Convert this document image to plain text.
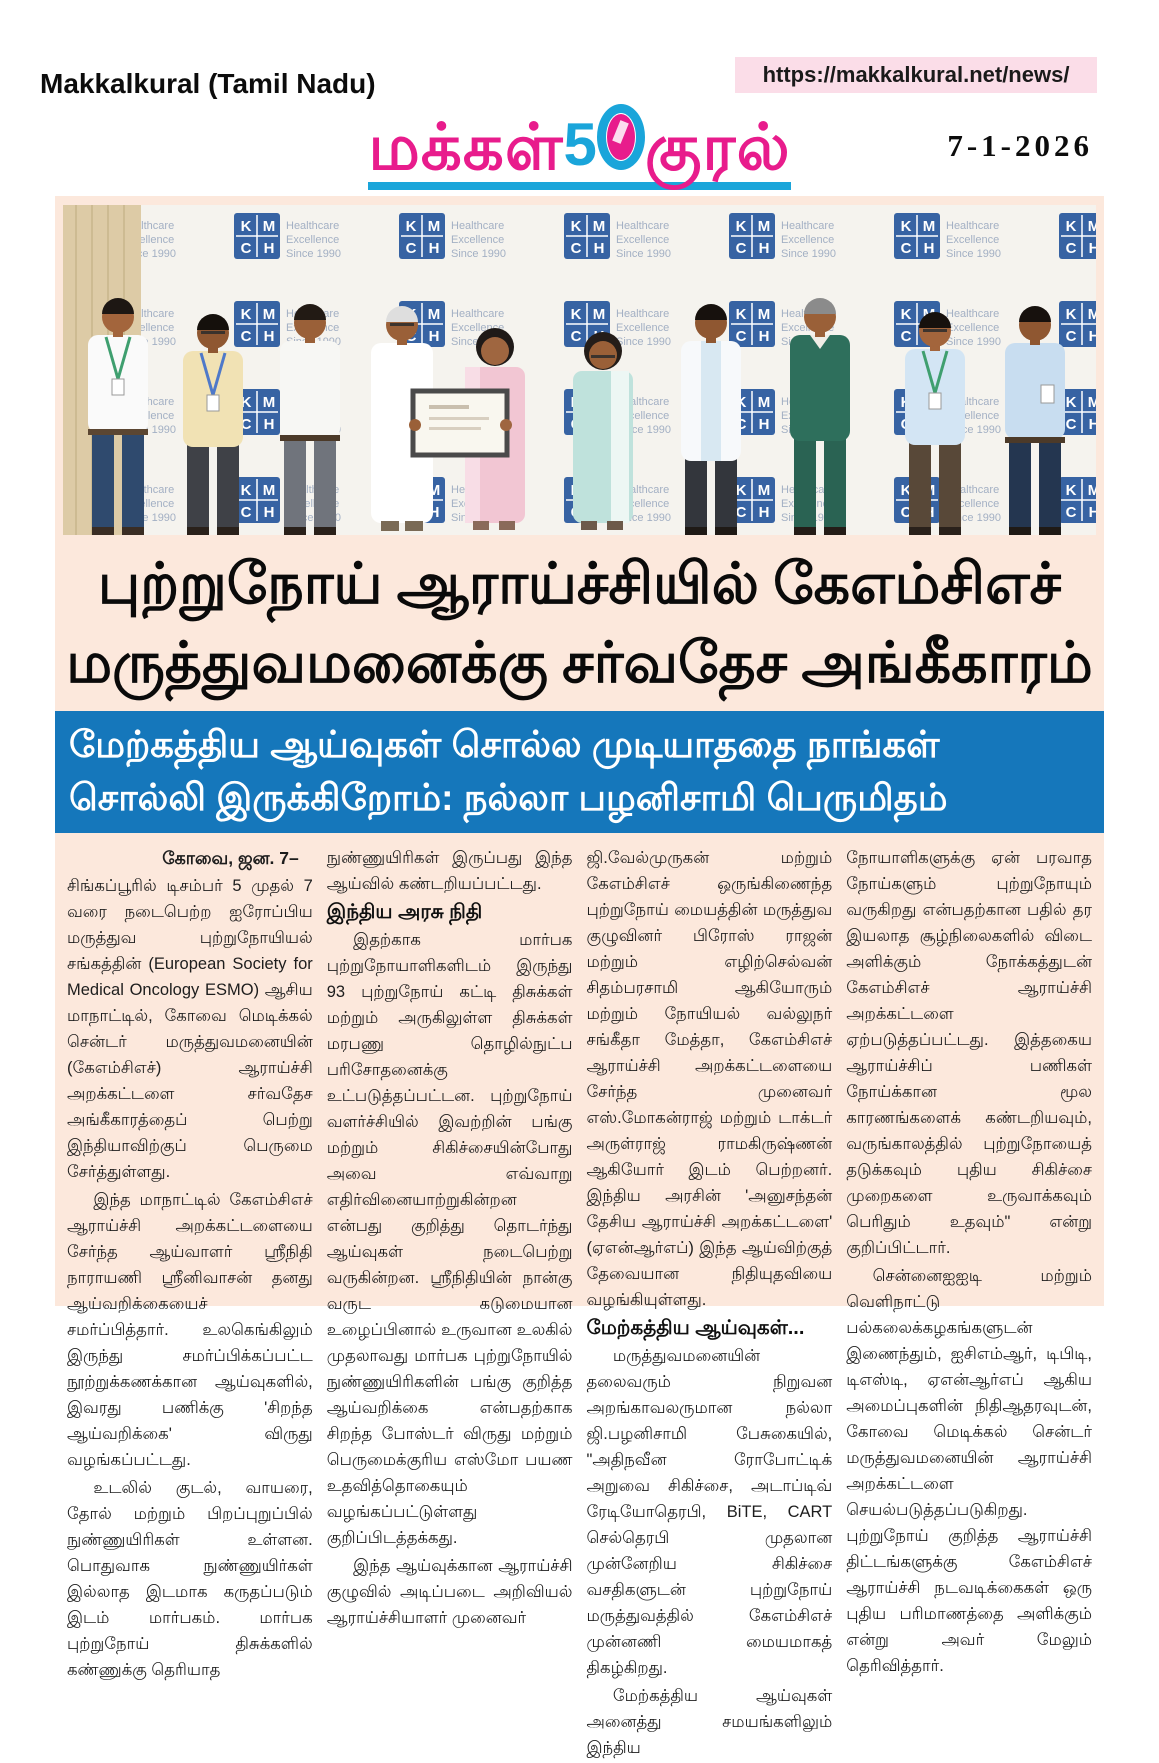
Makkalkural (Tamil Nadu)	https://makkalkural.net/news/
7-1-2026
மக்கள்5 குரல்
புற்றுநோய் ஆராய்ச்சியில் கேஎம்சிஎச்
மருத்துவமனைக்கு சர்வதேச அங்கீகாரம்
மேற்கத்திய ஆய்வுகள் சொல்ல முடியாததை நாங்கள்
சொல்லி இருக்கிறோம்: நல்லா பழனிசாமி பெருமிதம்

கோவை, ஜன. 7–

சிங்கப்பூரில் டிசம்பர் 5 முதல் 7 வரை நடைபெற்ற ஐரோப்பிய மருத்துவ புற்றுநோயியல் சங்கத்தின் (European Society for Medical Oncology ESMO) ஆசிய மாநாட்டில், கோவை மெடிக்கல் சென்டர் மருத்துவமனையின் (கேஎம்சிஎச்) ஆராய்ச்சி அறக்கட்டளை சர்வதேச அங்கீகாரத்தைப் பெற்று இந்தியாவிற்குப் பெருமை சேர்த்துள்ளது.

இந்த மாநாட்டில் கேஎம்சிஎச் ஆராய்ச்சி அறக்கட்டளையை சேர்ந்த ஆய்வாளர் ஸ்ரீநிதி நாராயணி ஸ்ரீனிவாசன் தனது ஆய்வறிக்கையைச் சமர்ப்பித்தார். உலகெங்கிலும் இருந்து சமர்ப்பிக்கப்பட்ட நூற்றுக்கணக்கான ஆய்வுகளில், இவரது பணிக்கு 'சிறந்த ஆய்வறிக்கை' விருது வழங்கப்பட்டது.

உடலில் குடல், வாயரை, தோல் மற்றும் பிறப்புறுப்பில் நுண்ணுயிரிகள் உள்ளன. பொதுவாக நுண்ணுயிர்கள் இல்லாத இடமாக கருதப்படும் இடம் மார்பகம். மார்பக புற்றுநோய் திசுக்களில் கண்ணுக்கு தெரியாத

நுண்ணுயிரிகள் இருப்பது இந்த ஆய்வில் கண்டறியப்பட்டது.

இந்திய அரசு நிதி

இதற்காக மார்பக புற்றுநோயாளிகளிடம் இருந்து 93 புற்றுநோய் கட்டி திசுக்கள் மற்றும் அருகிலுள்ள திசுக்கள் மரபணு தொழில்நுட்ப பரிசோதனைக்கு உட்படுத்தப்பட்டன. புற்றுநோய் வளர்ச்சியில் இவற்றின் பங்கு மற்றும் சிகிச்சையின்போது அவை எவ்வாறு எதிர்வினையாற்றுகின்றன என்பது குறித்து தொடர்ந்து ஆய்வுகள் நடைபெற்று வருகின்றன. ஸ்ரீநிதியின் நான்கு வருட கடுமையான உழைப்பினால் உருவான உலகில் முதலாவது மார்பக புற்றுநோயில் நுண்ணுயிரிகளின் பங்கு குறித்த ஆய்வறிக்கை என்பதற்காக சிறந்த போஸ்டர் விருது மற்றும் பெருமைக்குரிய எஸ்மோ பயண உதவித்தொகையும் வழங்கப்பட்டுள்ளது குறிப்பிடத்தக்கது.

இந்த ஆய்வுக்கான ஆராய்ச்சி குழுவில் அடிப்படை அறிவியல் ஆராய்ச்சியாளர் முனைவர்

ஜி.வேல்முருகன் மற்றும் கேஎம்சிஎச் ஒருங்கிணைந்த புற்றுநோய் மையத்தின் மருத்துவ குழுவினர் பிரோஸ் ராஜன் மற்றும் எழிற்செல்வன் சிதம்பரசாமி ஆகியோரும் மற்றும் நோயியல் வல்லுநர் சங்கீதா மேத்தா, கேஎம்சிஎச் ஆராய்ச்சி அறக்கட்டளையை சேர்ந்த முனைவர் எஸ்.மோகன்ராஜ் மற்றும் டாக்டர் அருள்ராஜ் ராமகிருஷ்ணன் ஆகியோர் இடம் பெற்றனர். இந்திய அரசின் 'அனுசந்தன் தேசிய ஆராய்ச்சி அறக்கட்டளை' (ஏஎன்ஆர்எப்) இந்த ஆய்விற்குத் தேவையான நிதியுதவியை வழங்கியுள்ளது.

மேற்கத்திய ஆய்வுகள்...

மருத்துவமனையின் தலைவரும் நிறுவன அறங்காவலருமான நல்லா ஜி.பழனிசாமி பேசுகையில், "அதிநவீன ரோபோட்டிக் அறுவை சிகிச்சை, அடாப்டிவ் ரேடியோதெரபி, BiTE, CART செல்தெரபி முதலான முன்னேறிய சிகிச்சை வசதிகளுடன் புற்றுநோய் மருத்துவத்தில் கேஎம்சிஎச் முன்னணி மையமாகத் திகழ்கிறது.

மேற்கத்திய ஆய்வுகள் அனைத்து சமயங்களிலும் இந்திய

நோயாளிகளுக்கு ஏன் பரவாத நோய்களும் புற்றுநோயும் வருகிறது என்பதற்கான பதில் தர இயலாத சூழ்நிலைகளில் விடை அளிக்கும் நோக்கத்துடன் கேஎம்சிஎச் ஆராய்ச்சி அறக்கட்டளை ஏற்படுத்தப்பட்டது. இத்தகைய ஆராய்ச்சிப் பணிகள் நோய்க்கான மூல காரணங்களைக் கண்டறியவும், வருங்காலத்தில் புற்றுநோயைத் தடுக்கவும் புதிய சிகிச்சை முறைகளை உருவாக்கவும் பெரிதும் உதவும்" என்று குறிப்பிட்டார்.

சென்னைஐஐடி மற்றும் வெளிநாட்டு பல்கலைக்கழகங்களுடன் இணைந்தும், ஐசிஎம்ஆர், டிபிடி, டிஎஸ்டி, ஏஎன்ஆர்எப் ஆகிய அமைப்புகளின் நிதிஆதரவுடன், கோவை மெடிக்கல் சென்டர் மருத்துவமனையின் ஆராய்ச்சி அறக்கட்டளை செயல்படுத்தப்படுகிறது. புற்றுநோய் குறித்த ஆராய்ச்சி திட்டங்களுக்கு கேஎம்சிஎச் ஆராய்ச்சி நடவடிக்கைகள் ஒரு புதிய பரிமாணத்தை அளிக்கும் என்று அவர் மேலும் தெரிவித்தார்.
